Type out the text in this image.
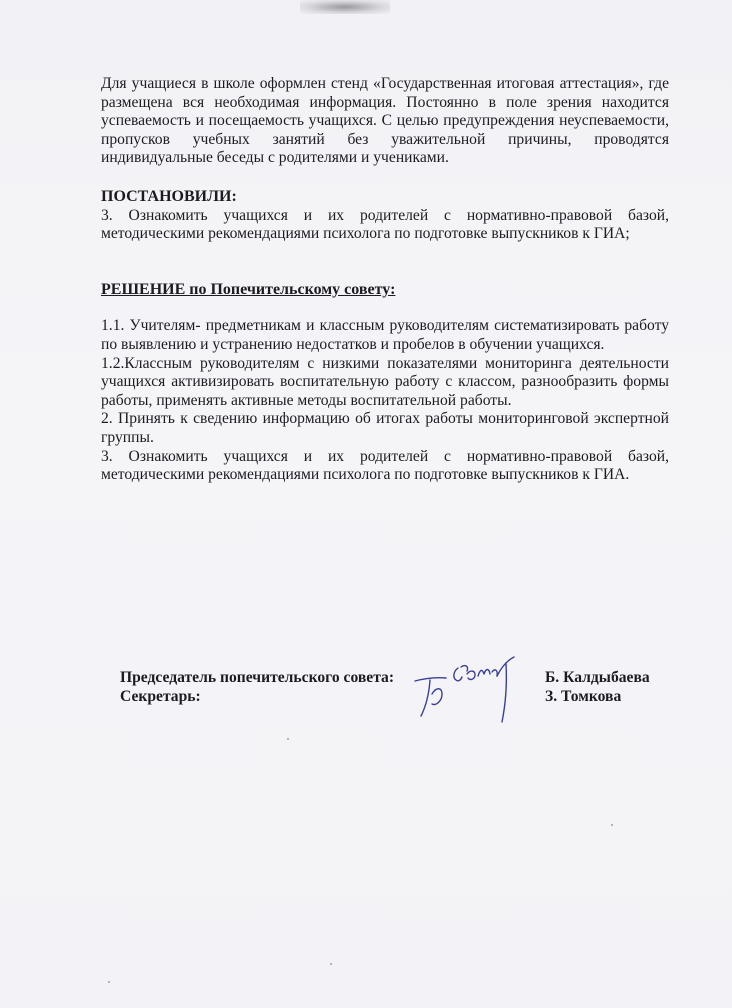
Для учащиеся в школе оформлен стенд «Государственная итоговая аттестация», где размещена вся необходимая информация. Постоянно в поле зрения находится успеваемость и посещаемость учащихся. С целью предупреждения неуспеваемости, пропусков учебных занятий без уважительной причины, проводятся индивидуальные беседы с родителями и учениками.

ПОСТАНОВИЛИ:

3. Ознакомить учащихся и их родителей с нормативно-правовой базой, методическими рекомендациями психолога по подготовке выпускников к ГИА;

РЕШЕНИЕ по Попечительскому совету:

1.1. Учителям- предметникам и классным руководителям систематизировать работу по выявлению и устранению недостатков и пробелов в обучении учащихся.

1.2.Классным руководителям с низкими показателями мониторинга деятельности учащихся активизировать воспитательную работу с классом, разнообразить формы работы, применять активные методы воспитательной работы.

2. Принять к сведению информацию об итогах работы мониторинговой экспертной группы.

3. Ознакомить учащихся и их родителей с нормативно-правовой базой, методическими рекомендациями психолога по подготовке выпускников к ГИА.

Председатель попечительского совета:
Секретарь:
Б. Калдыбаева
З. Томкова
